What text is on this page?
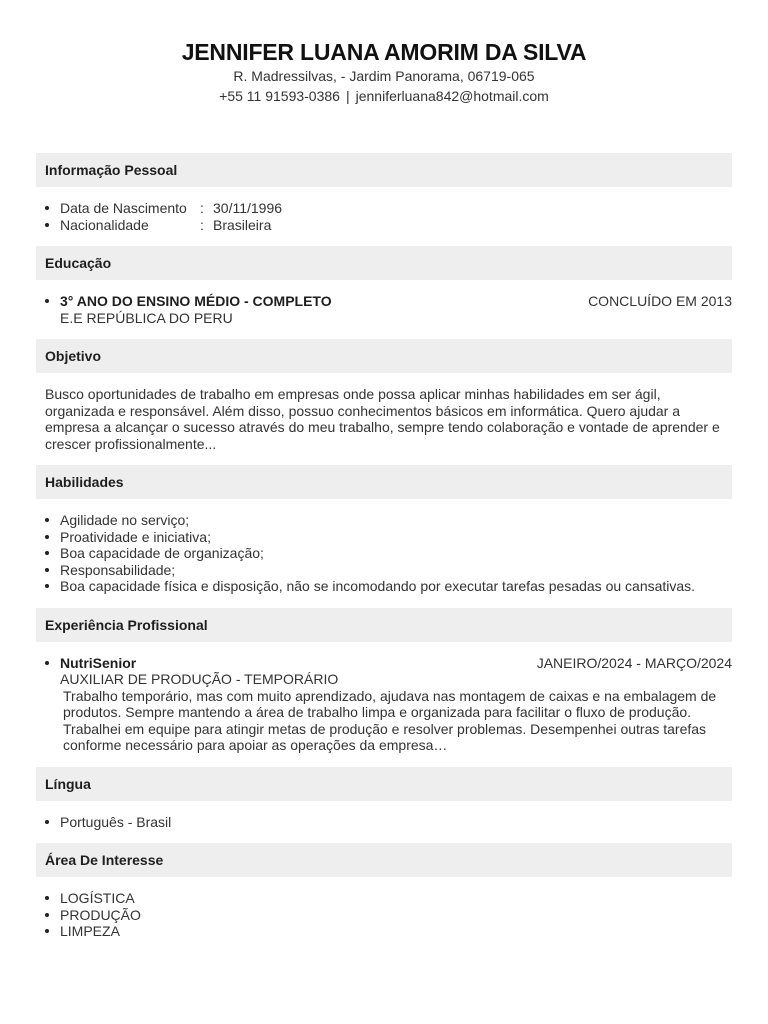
JENNIFER LUANA AMORIM DA SILVA
R. Madressilvas, - Jardim Panorama, 06719-065
+55 11 91593-0386 | jenniferluana842@hotmail.com
Informação Pessoal
Data de Nascimento : 30/11/1996
Nacionalidade	: Brasileira
Educação
3° ANO DO ENSINO MÉDIO - COMPLETO	CONCLUÍDO EM 2013
E.E REPÚBLICA DO PERU
Objetivo
Busco oportunidades de trabalho em empresas onde possa aplicar minhas habilidades em ser ágil, organizada e responsável. Além disso, possuo conhecimentos básicos em informática. Quero ajudar a empresa a alcançar o sucesso através do meu trabalho, sempre tendo colaboração e vontade de aprender e crescer profissionalmente...
Habilidades
Agilidade no serviço;
Proatividade e iniciativa;
Boa capacidade de organização;
Responsabilidade;
Boa capacidade física e disposição, não se incomodando por executar tarefas pesadas ou cansativas.
Experiência Profissional
NutriSenior	JANEIRO/2024 - MARÇO/2024
AUXILIAR DE PRODUÇÃO - TEMPORÁRIO
Trabalho temporário, mas com muito aprendizado, ajudava nas montagem de caixas e na embalagem de produtos. Sempre mantendo a área de trabalho limpa e organizada para facilitar o fluxo de produção. Trabalhei em equipe para atingir metas de produção e resolver problemas. Desempenhei outras tarefas conforme necessário para apoiar as operações da empresa…
Língua
Português - Brasil
Área De Interesse
LOGÍSTICA
PRODUÇÃO
LIMPEZA
